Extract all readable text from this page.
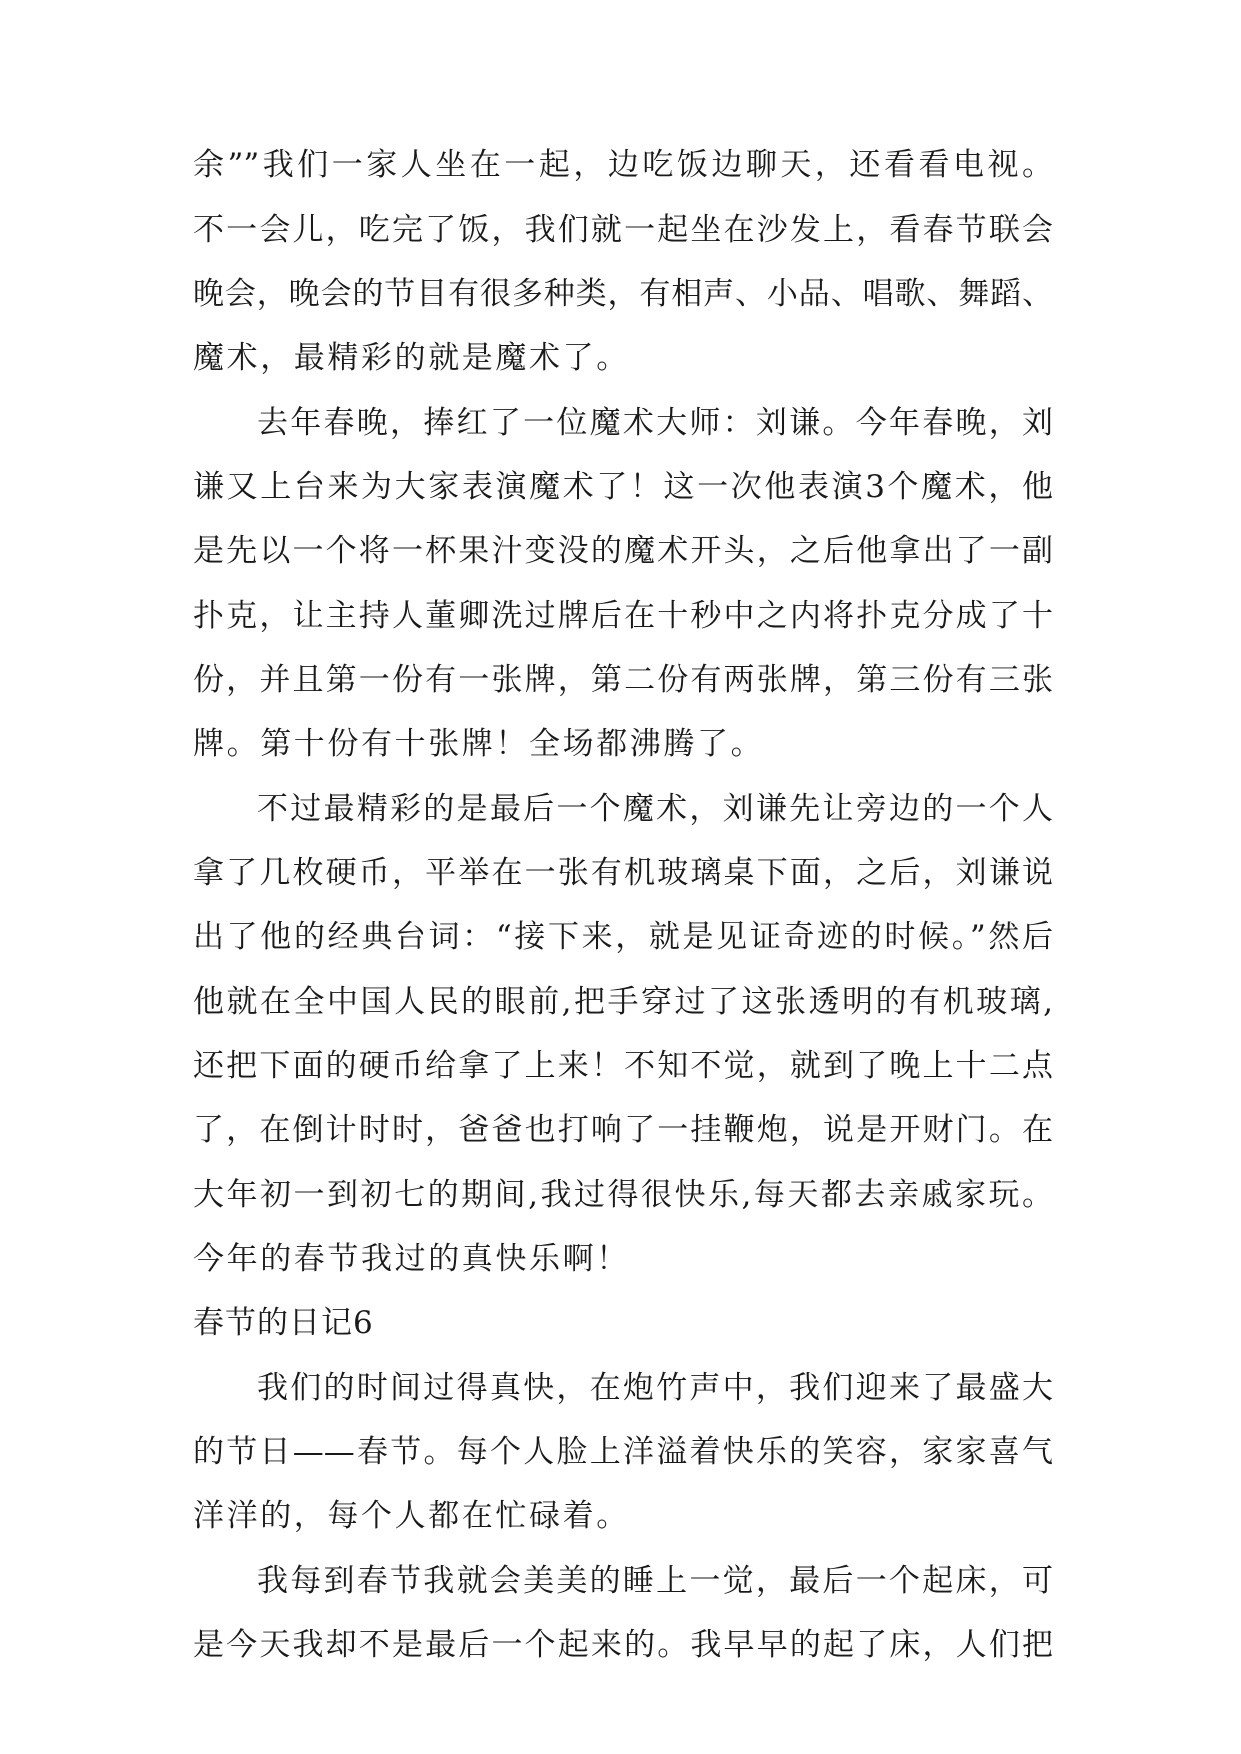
余””我们一家人坐在一起，边吃饭边聊天，还看看电视。
不一会儿，吃完了饭，我们就一起坐在沙发上，看春节联会
晚会，晚会的节目有很多种类，有相声、小品、唱歌、舞蹈、
魔术，最精彩的就是魔术了。
去年春晚，捧红了一位魔术大师：刘谦。今年春晚，刘
谦又上台来为大家表演魔术了！这一次他表演3个魔术，他
是先以一个将一杯果汁变没的魔术开头，之后他拿出了一副
扑克，让主持人董卿洗过牌后在十秒中之内将扑克分成了十
份，并且第一份有一张牌，第二份有两张牌，第三份有三张
牌。第十份有十张牌！全场都沸腾了。
不过最精彩的是最后一个魔术，刘谦先让旁边的一个人
拿了几枚硬币，平举在一张有机玻璃桌下面，之后，刘谦说
出了他的经典台词：“接下来，就是见证奇迹的时候。”然后
他就在全中国人民的眼前,把手穿过了这张透明的有机玻璃,
还把下面的硬币给拿了上来！不知不觉，就到了晚上十二点
了，在倒计时时，爸爸也打响了一挂鞭炮，说是开财门。在
大年初一到初七的期间,我过得很快乐,每天都去亲戚家玩。
今年的春节我过的真快乐啊！
春节的日记6
我们的时间过得真快，在炮竹声中，我们迎来了最盛大
的节日——春节。每个人脸上洋溢着快乐的笑容，家家喜气
洋洋的，每个人都在忙碌着。
我每到春节我就会美美的睡上一觉，最后一个起床，可
是今天我却不是最后一个起来的。我早早的起了床，人们把
